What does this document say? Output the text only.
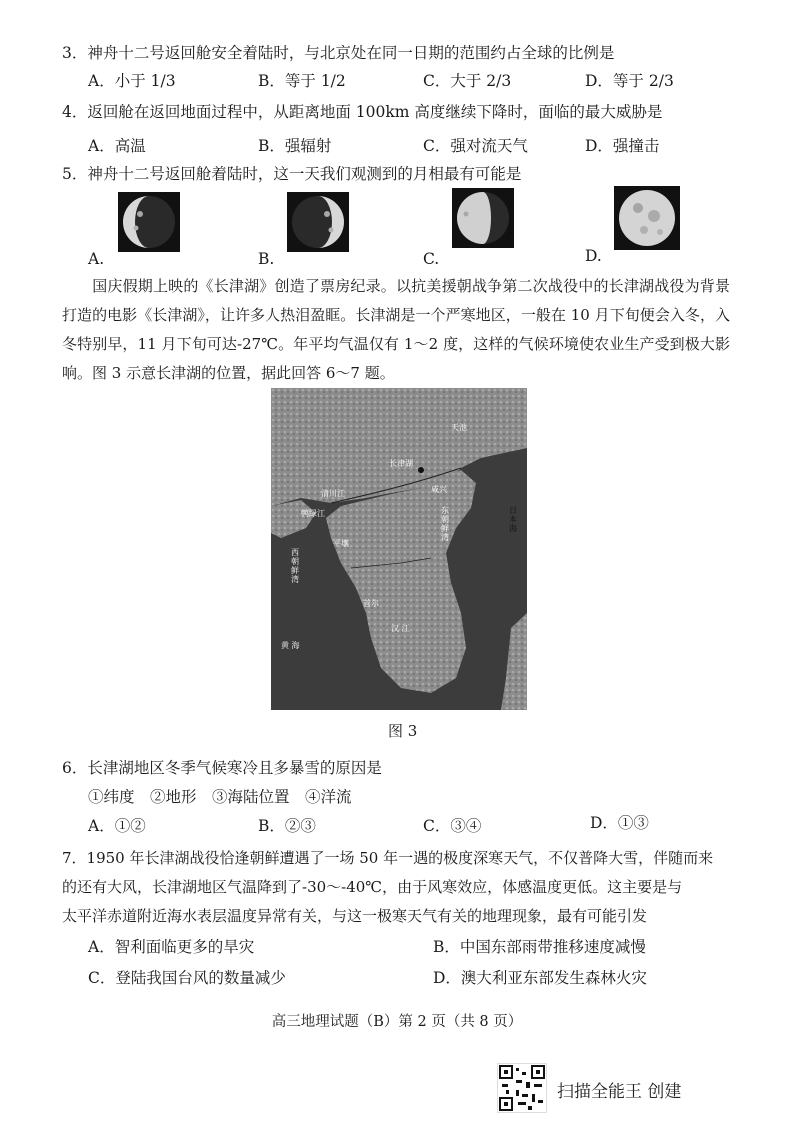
3．神舟十二号返回舱安全着陆时，与北京处在同一日期的范围约占全球的比例是
A．小于 1/3	B．等于 1/2	C．大于 2/3	D．等于 2/3
4．返回舱在返回地面过程中，从距离地面 100km 高度继续下降时，面临的最大威胁是
A．高温	B．强辐射	C．强对流天气	D．强撞击
5．神舟十二号返回舱着陆时，这一天我们观测到的月相最有可能是
A.	B.	C.	D.
国庆假期上映的《长津湖》创造了票房纪录。以抗美援朝战争第二次战役中的长津湖战役为背景打造的电影《长津湖》，让许多人热泪盈眶。长津湖是一个严寒地区，一般在 10 月下旬便会入冬，入冬特别早，11 月下旬可达-27℃。年平均气温仅有 1～2 度，这样的气候环境使农业生产受到极大影响。图 3 示意长津湖的位置，据此回答 6～7 题。
天池
长津湖
咸兴
东朝鲜湾
日本海
西朝鲜湾
黄 海
首尔
平壤
鸭绿江
清川江
汉 江
图 3
6．长津湖地区冬季气候寒冷且多暴雪的原因是
①纬度　②地形　③海陆位置　④洋流
A．①②	B．②③	C．③④	D．①③
7．1950 年长津湖战役恰逢朝鲜遭遇了一场 50 年一遇的极度深寒天气，不仅普降大雪，伴随而来
的还有大风，长津湖地区气温降到了-30～-40℃，由于风寒效应，体感温度更低。这主要是与
太平洋赤道附近海水表层温度异常有关，与这一极寒天气有关的地理现象，最有可能引发
A．智利面临更多的旱灾	B．中国东部雨带推移速度减慢
C．登陆我国台风的数量减少	D．澳大利亚东部发生森林火灾
高三地理试题（B）第 2 页（共 8 页）
扫描全能王 创建
